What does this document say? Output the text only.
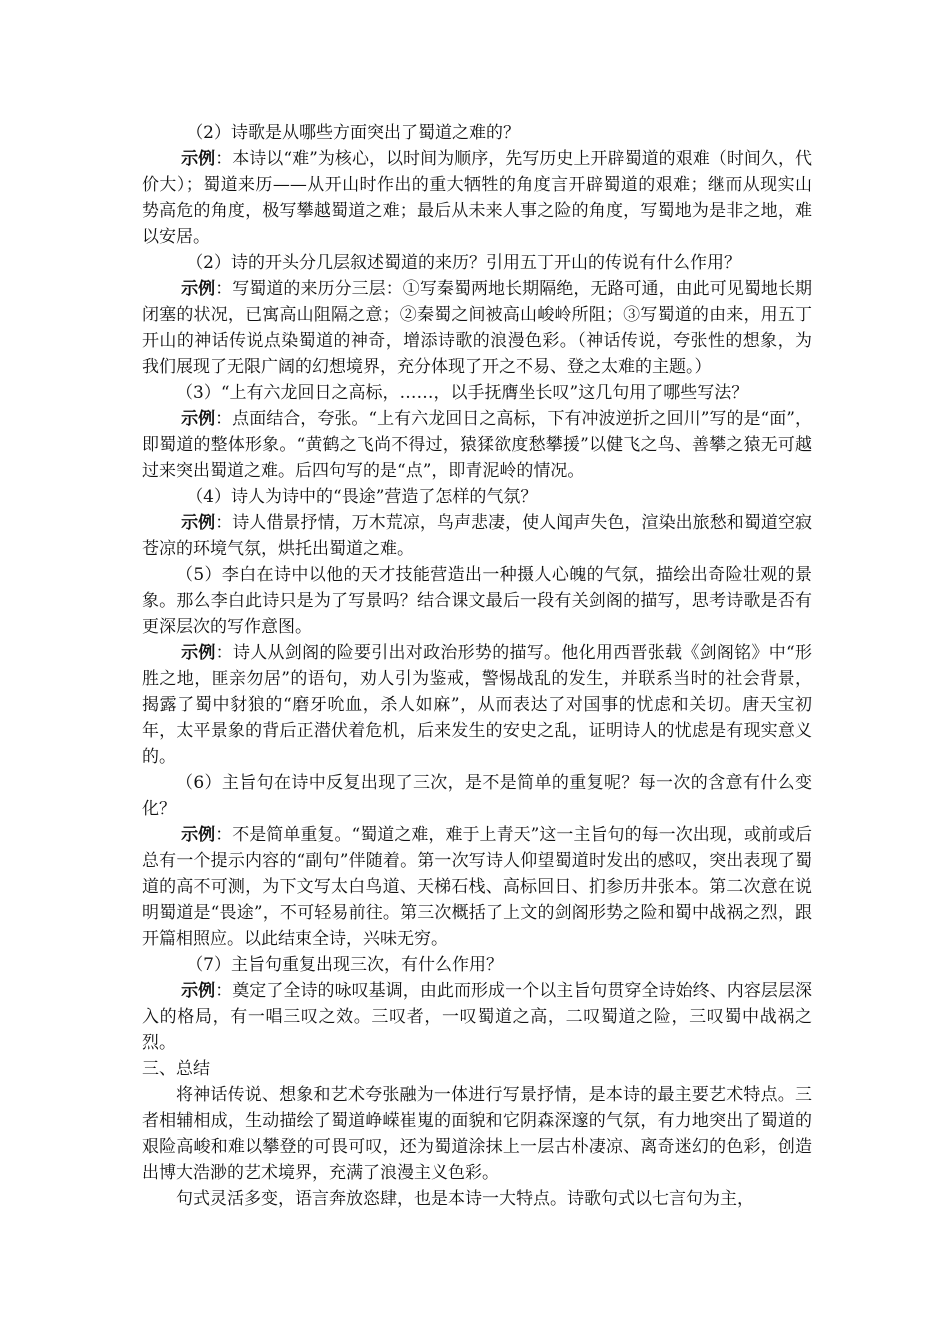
（2）诗歌是从哪些方面突出了蜀道之难的？

示例：本诗以“难”为核心，以时间为顺序，先写历史上开辟蜀道的艰难（时间久，代价大）；蜀道来历——从开山时作出的重大牺牲的角度言开辟蜀道的艰难；继而从现实山势高危的角度，极写攀越蜀道之难；最后从未来人事之险的角度，写蜀地为是非之地，难以安居。

（2）诗的开头分几层叙述蜀道的来历？引用五丁开山的传说有什么作用？

示例：写蜀道的来历分三层：①写秦蜀两地长期隔绝，无路可通，由此可见蜀地长期闭塞的状况，已寓高山阻隔之意；②秦蜀之间被高山峻岭所阻；③写蜀道的由来，用五丁开山的神话传说点染蜀道的神奇，增添诗歌的浪漫色彩。（神话传说，夸张性的想象，为我们展现了无限广阔的幻想境界，充分体现了开之不易、登之太难的主题。）

（3）“上有六龙回日之高标，……，以手抚膺坐长叹”这几句用了哪些写法？

示例：点面结合，夸张。“上有六龙回日之高标，下有冲波逆折之回川”写的是“面”，即蜀道的整体形象。“黄鹤之飞尚不得过，猿猱欲度愁攀援”以健飞之鸟、善攀之猿无可越过来突出蜀道之难。后四句写的是“点”，即青泥岭的情况。

（4）诗人为诗中的“畏途”营造了怎样的气氛？

示例：诗人借景抒情，万木荒凉，鸟声悲凄，使人闻声失色，渲染出旅愁和蜀道空寂苍凉的环境气氛，烘托出蜀道之难。

（5）李白在诗中以他的天才技能营造出一种摄人心魄的气氛，描绘出奇险壮观的景象。那么李白此诗只是为了写景吗？结合课文最后一段有关剑阁的描写，思考诗歌是否有更深层次的写作意图。

示例：诗人从剑阁的险要引出对政治形势的描写。他化用西晋张载《剑阁铭》中“形胜之地，匪亲勿居”的语句，劝人引为鉴戒，警惕战乱的发生，并联系当时的社会背景，揭露了蜀中豺狼的“磨牙吮血，杀人如麻”，从而表达了对国事的忧虑和关切。唐天宝初年，太平景象的背后正潜伏着危机，后来发生的安史之乱，证明诗人的忧虑是有现实意义的。

（6）主旨句在诗中反复出现了三次，是不是简单的重复呢？每一次的含意有什么变化？

示例：不是简单重复。“蜀道之难，难于上青天”这一主旨句的每一次出现，或前或后总有一个提示内容的“副句”伴随着。第一次写诗人仰望蜀道时发出的感叹，突出表现了蜀道的高不可测，为下文写太白鸟道、天梯石栈、高标回日、扪参历井张本。第二次意在说明蜀道是“畏途”，不可轻易前往。第三次概括了上文的剑阁形势之险和蜀中战祸之烈，跟开篇相照应。以此结束全诗，兴味无穷。

（7）主旨句重复出现三次，有什么作用？

示例：奠定了全诗的咏叹基调，由此而形成一个以主旨句贯穿全诗始终、内容层层深入的格局，有一唱三叹之效。三叹者，一叹蜀道之高，二叹蜀道之险，三叹蜀中战祸之烈。

三、总结

将神话传说、想象和艺术夸张融为一体进行写景抒情，是本诗的最主要艺术特点。三者相辅相成，生动描绘了蜀道峥嵘崔嵬的面貌和它阴森深邃的气氛，有力地突出了蜀道的艰险高峻和难以攀登的可畏可叹，还为蜀道涂抹上一层古朴凄凉、离奇迷幻的色彩，创造出博大浩渺的艺术境界，充满了浪漫主义色彩。

句式灵活多变，语言奔放恣肆，也是本诗一大特点。诗歌句式以七言句为主，
